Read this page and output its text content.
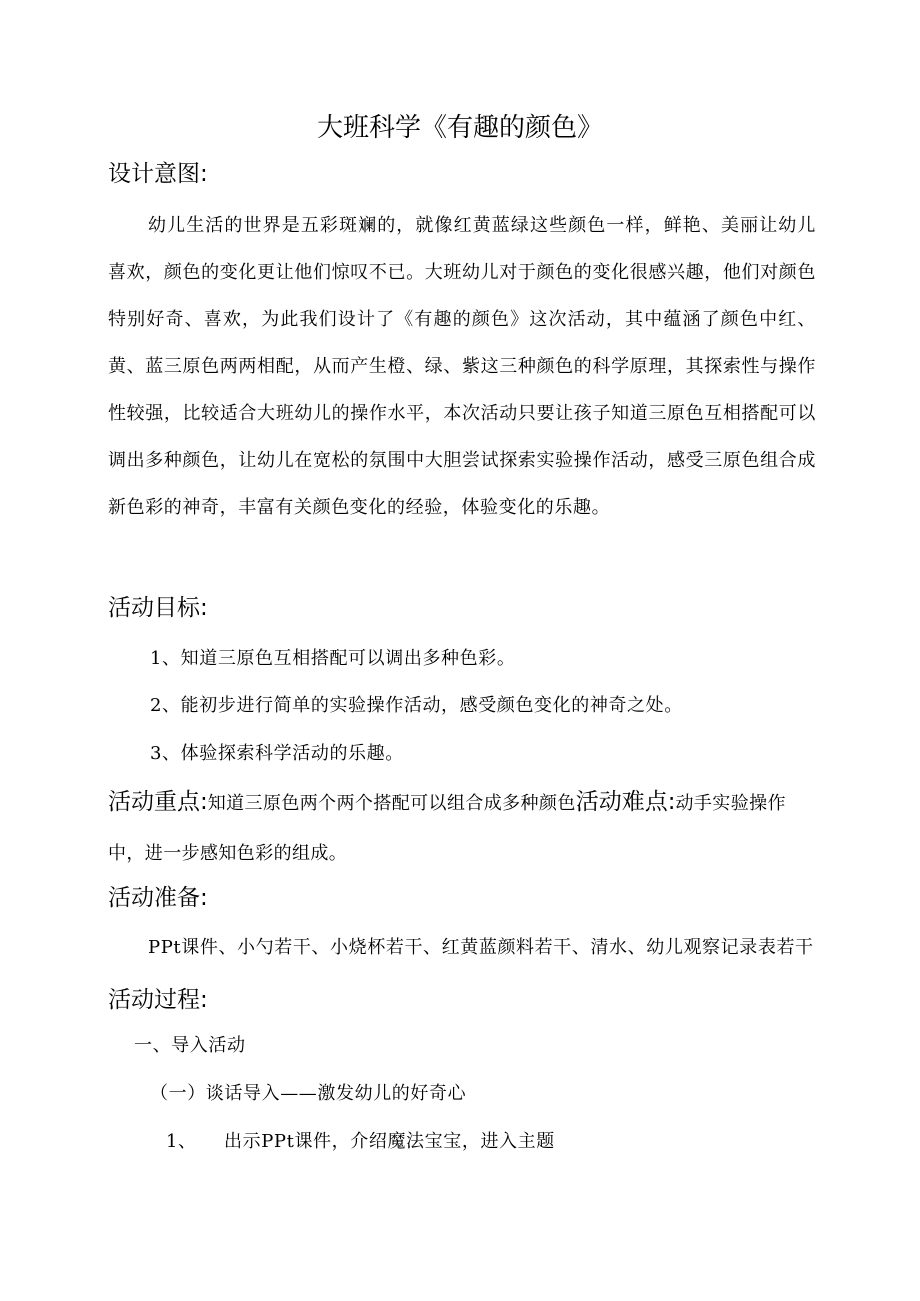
大班科学《有趣的颜色》
设计意图:
幼儿生活的世界是五彩斑斓的，就像红黄蓝绿这些颜色一样，鲜艳、美丽让幼儿喜欢，颜色的变化更让他们惊叹不已。大班幼儿对于颜色的变化很感兴趣，他们对颜色特别好奇、喜欢，为此我们设计了《有趣的颜色》这次活动，其中蕴涵了颜色中红、黄、蓝三原色两两相配，从而产生橙、绿、紫这三种颜色的科学原理，其探索性与操作性较强，比较适合大班幼儿的操作水平，本次活动只要让孩子知道三原色互相搭配可以调出多种颜色，让幼儿在宽松的氛围中大胆尝试探索实验操作活动，感受三原色组合成新色彩的神奇，丰富有关颜色变化的经验，体验变化的乐趣。
活动目标:
1、知道三原色互相搭配可以调出多种色彩。
2、能初步进行简单的实验操作活动，感受颜色变化的神奇之处。
3、体验探索科学活动的乐趣。
活动重点:知道三原色两个两个搭配可以组合成多种颜色活动难点:动手实验操作中，进一步感知色彩的组成。
活动准备:
PPt课件、小勺若干、小烧杯若干、红黄蓝颜料若干、清水、幼儿观察记录表若干活动过程:
一、导入活动
（一）谈话导入——激发幼儿的好奇心
1、 出示PPt课件，介绍魔法宝宝，进入主题
